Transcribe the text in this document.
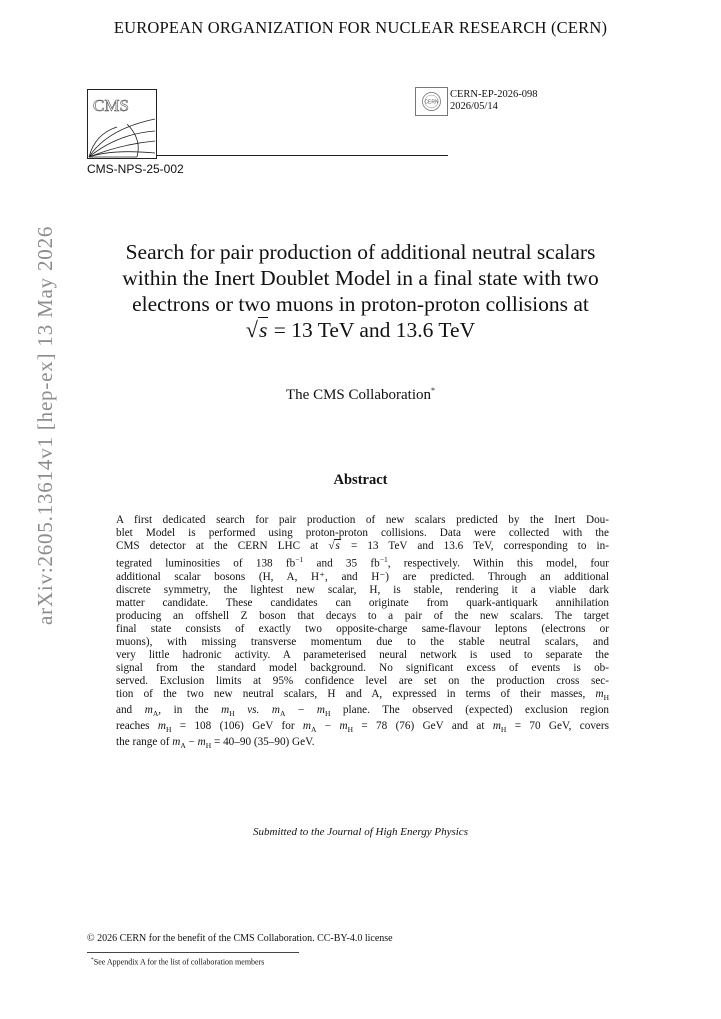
EUROPEAN ORGANIZATION FOR NUCLEAR RESEARCH (CERN)
CMS	CERN
CERN-EP-2026-098
2026/05/14
CMS-NPS-25-002
arXiv:2605.13614v1 [hep-ex] 13 May 2026	Search for pair production of additional neutral scalars
within the Inert Doublet Model in a final state with two
electrons or two muons in proton-proton collisions at
√s = 13 TeV and 13.6 TeV
The CMS Collaboration*
Abstract
A first dedicated search for pair production of new scalars predicted by the Inert Dou-
blet Model is performed using proton-proton collisions. Data were collected with the
CMS detector at the CERN LHC at √s = 13 TeV and 13.6 TeV, corresponding to in-
tegrated luminosities of 138 $fb^{-1}$ and 35 $fb^{-1}$, respectively. Within this model, four
additional scalar bosons (H, A, H⁺, and H⁻) are predicted. Through an additional
discrete symmetry, the lightest new scalar, H, is stable, rendering it a viable dark
matter candidate. These candidates can originate from quark-antiquark annihilation
producing an offshell Z boson that decays to a pair of the new scalars. The target
final state consists of exactly two opposite-charge same-flavour leptons (electrons or
muons), with missing transverse momentum due to the stable neutral scalars, and
very little hadronic activity. A parameterised neural network is used to separate the
signal from the standard model background. No significant excess of events is ob-
served. Exclusion limits at 95% confidence level are set on the production cross sec-
tion of the two new neutral scalars, H and A, expressed in terms of their masses, $m_H$
and $m_A$, in the $m_H$ vs. $m_A - m_H$ plane. The observed (expected) exclusion region
reaches $m_H = 108$ (106) GeV for $m_A - m_H = 78$ (76) GeV and at $m_H = 70$ GeV, covers
the range of $m_A - m_H = 40-90$ (35–90) GeV.
Submitted to the Journal of High Energy Physics
© 2026 CERN for the benefit of the CMS Collaboration. CC-BY-4.0 license
*See Appendix A for the list of collaboration members
